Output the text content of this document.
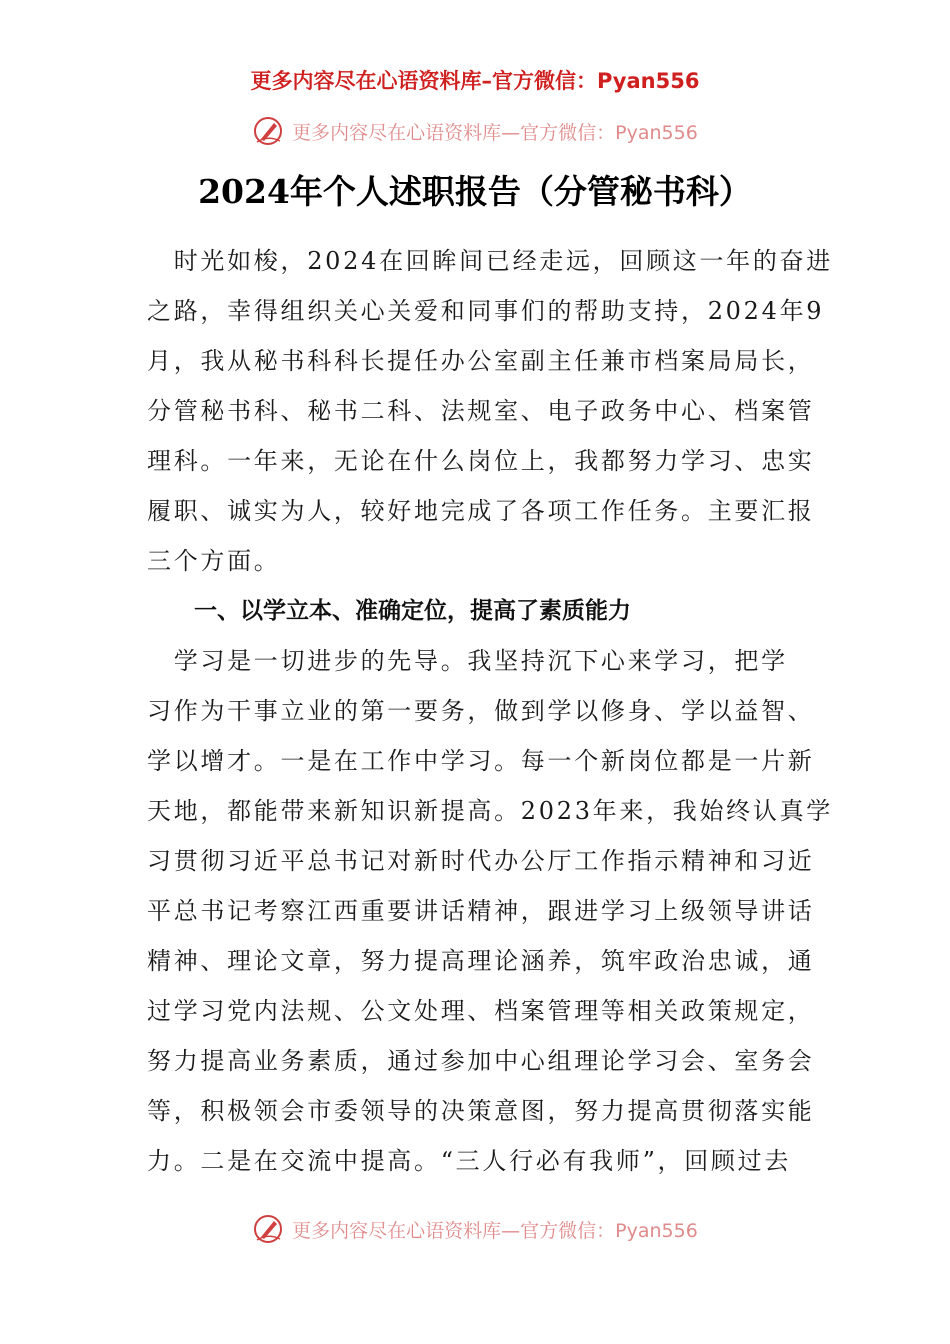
更多内容尽在心语资料库–官方微信：Pyan556
更多内容尽在心语资料库—官方微信：Pyan556
2024年个人述职报告（分管秘书科）
　时光如梭，2024在回眸间已经走远，回顾这一年的奋进
之路，幸得组织关心关爱和同事们的帮助支持，2024年9
月，我从秘书科科长提任办公室副主任兼市档案局局长，
分管秘书科、秘书二科、法规室、电子政务中心、档案管
理科。一年来，无论在什么岗位上，我都努力学习、忠实
履职、诚实为人，较好地完成了各项工作任务。主要汇报
三个方面。
一、以学立本、准确定位，提高了素质能力
　学习是一切进步的先导。我坚持沉下心来学习，把学
习作为干事立业的第一要务，做到学以修身、学以益智、
学以增才。一是在工作中学习。每一个新岗位都是一片新
天地，都能带来新知识新提高。2023年来，我始终认真学
习贯彻习近平总书记对新时代办公厅工作指示精神和习近
平总书记考察江西重要讲话精神，跟进学习上级领导讲话
精神、理论文章，努力提高理论涵养，筑牢政治忠诚，通
过学习党内法规、公文处理、档案管理等相关政策规定，
努力提高业务素质，通过参加中心组理论学习会、室务会
等，积极领会市委领导的决策意图，努力提高贯彻落实能
力。二是在交流中提高。“三人行必有我师”，回顾过去
更多内容尽在心语资料库—官方微信：Pyan556
